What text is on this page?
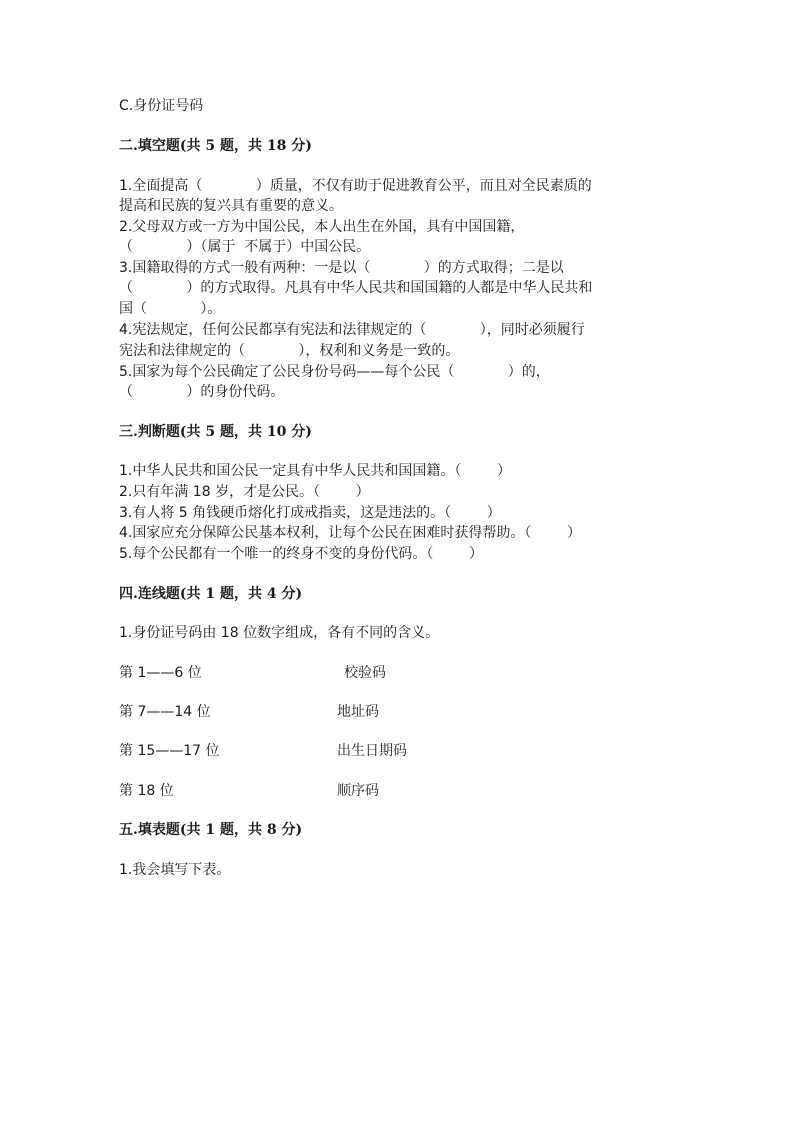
C.身份证号码
二.填空题(共 5 题，共 18 分)
1.全面提高（            ）质量，不仅有助于促进教育公平，而且对全民素质的
提高和民族的复兴具有重要的意义。
2.父母双方或一方为中国公民，本人出生在外国，具有中国国籍，
（            ）（属于  不属于）中国公民。
3.国籍取得的方式一般有两种：一是以（            ）的方式取得；二是以
（            ）的方式取得。凡具有中华人民共和国国籍的人都是中华人民共和
国（            ）。
4.宪法规定，任何公民都享有宪法和法律规定的（            ），同时必须履行
宪法和法律规定的（            ），权利和义务是一致的。
5.国家为每个公民确定了公民身份号码——每个公民（            ）的，
（            ）的身份代码。
三.判断题(共 5 题，共 10 分)
1.中华人民共和国公民一定具有中华人民共和国国籍。（        ）
2.只有年满 18 岁，才是公民。（        ）
3.有人将 5 角钱硬币熔化打成戒指卖，这是违法的。（        ）
4.国家应充分保障公民基本权利，让每个公民在困难时获得帮助。（        ）
5.每个公民都有一个唯一的终身不变的身份代码。（        ）
四.连线题(共 1 题，共 4 分)
1.身份证号码由 18 位数字组成，各有不同的含义。
第 1——6 位	校验码
第 7——14 位	地址码
第 15——17 位	出生日期码
第 18 位	顺序码
五.填表题(共 1 题，共 8 分)
1.我会填写下表。
